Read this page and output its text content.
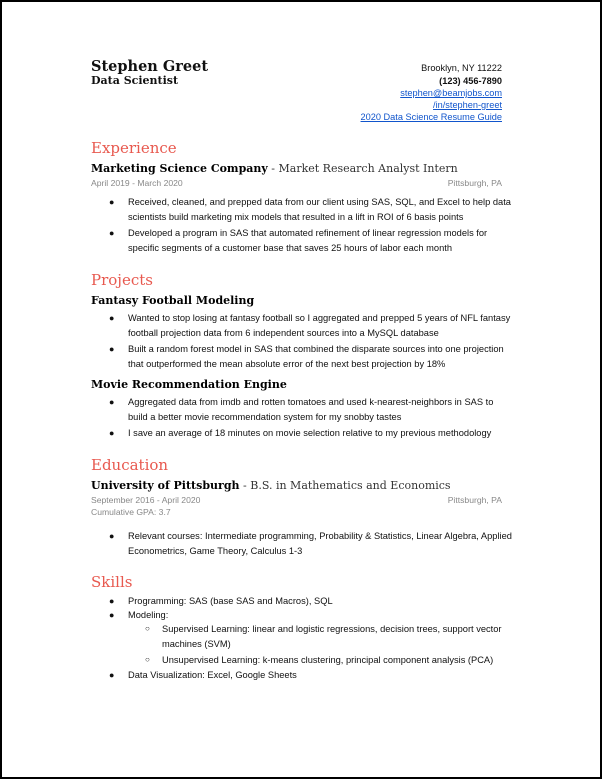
Stephen Greet
Data Scientist
Brooklyn, NY 11222
(123) 456-7890
stephen@beamjobs.com
/in/stephen-greet
2020 Data Science Resume Guide
Experience
Marketing Science Company - Market Research Analyst Intern
April 2019 - March 2020	Pittsburgh, PA
● Received, cleaned, and prepped data from our client using SAS, SQL, and Excel to help data scientists build marketing mix models that resulted in a lift in ROI of 6 basis points
● Developed a program in SAS that automated refinement of linear regression models for specific segments of a customer base that saves 25 hours of labor each month
Projects
Fantasy Football Modeling
● Wanted to stop losing at fantasy football so I aggregated and prepped 5 years of NFL fantasy football projection data from 6 independent sources into a MySQL database
● Built a random forest model in SAS that combined the disparate sources into one projection that outperformed the mean absolute error of the next best projection by 18%
Movie Recommendation Engine
● Aggregated data from imdb and rotten tomatoes and used k-nearest-neighbors in SAS to build a better movie recommendation system for my snobby tastes
● I save an average of 18 minutes on movie selection relative to my previous methodology
Education
University of Pittsburgh - B.S. in Mathematics and Economics
September 2016 - April 2020	Pittsburgh, PA
Cumulative GPA: 3.7
● Relevant courses: Intermediate programming, Probability & Statistics, Linear Algebra, Applied Econometrics, Game Theory, Calculus 1-3
Skills
● Programming: SAS (base SAS and Macros), SQL
● Modeling:
○ Supervised Learning: linear and logistic regressions, decision trees, support vector machines (SVM)
○ Unsupervised Learning: k-means clustering, principal component analysis (PCA)
● Data Visualization: Excel, Google Sheets
